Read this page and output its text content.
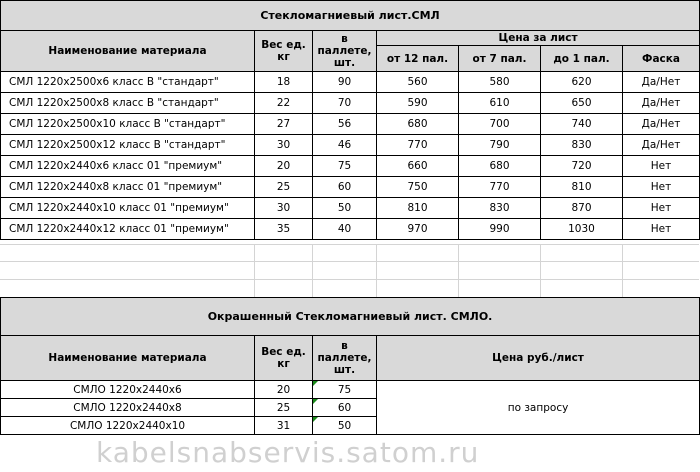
Стекломагниевый лист.СМЛ						
Наименование материала	Вес ед. кг	в паллете, шт.	Цена за лист			
			от 12 пал.	от 7 пал.	до 1 пал.	Фаска
СМЛ 1220x2500x6 класс В "стандарт"	18	90	560	580	620	Да/Нет
СМЛ 1220x2500x8 класс В "стандарт"	22	70	590	610	650	Да/Нет
СМЛ 1220x2500x10 класс В "стандарт"	27	56	680	700	740	Да/Нет
СМЛ 1220x2500x12 класс В "стандарт"	30	46	770	790	830	Да/Нет
СМЛ 1220x2440x6 класс 01 "премиум"	20	75	660	680	720	Нет
СМЛ 1220x2440x8 класс 01 "премиум"	25	60	750	770	810	Нет
СМЛ 1220x2440x10 класс 01 "премиум"	30	50	810	830	870	Нет
СМЛ 1220x2440x12 класс 01 "премиум"	35	40	970	990	1030	Нет
Окрашенный Стекломагниевый лист. СМЛО.			
Наименование материала	Вес ед. кг	в паллете, шт.	Цена руб./лист
СМЛО 1220x2440x6	20	75	по запросу
СМЛО 1220x2440x8	25	60	
СМЛО 1220x2440x10	31	50	
kabelsnabservis.satom.ru
